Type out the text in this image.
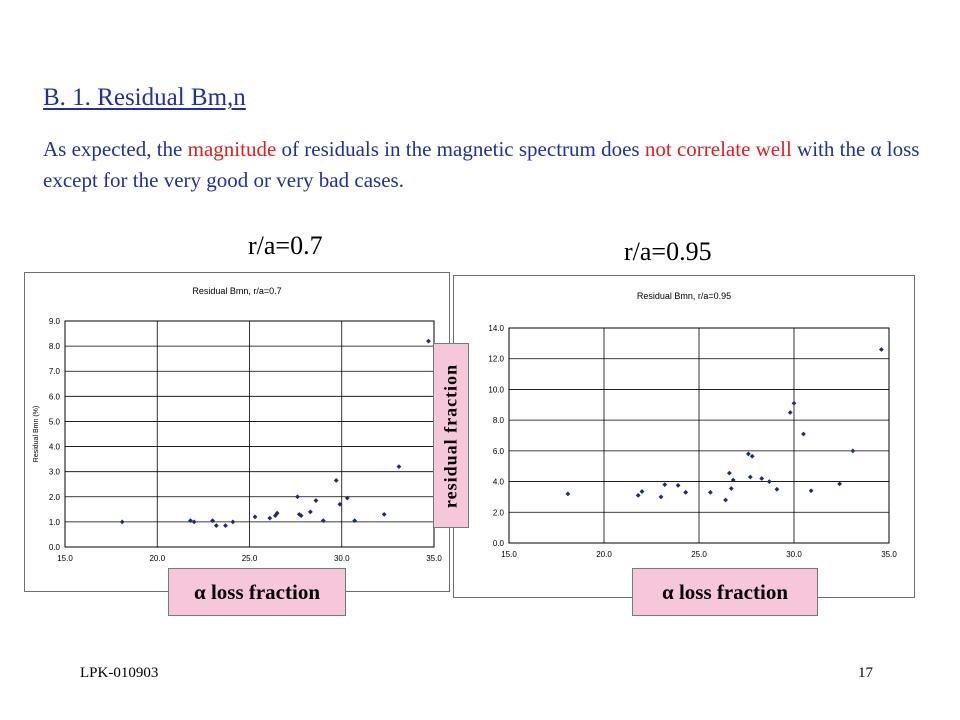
B. 1. Residual Bm,n
As expected, the magnitude of residuals in the magnetic spectrum does not correlate well with the α loss except for the very good or very bad cases.
r/a=0.7	r/a=0.95
Residual Bmn, r/a=0.7
0.0
1.0
2.0
3.0
4.0
5.0
6.0
7.0
8.0
9.0
15.0	20.0	25.0	30.0	35.0
Residual Bmn (%)
Residual Bmn, r/a=0.95
0.0
2.0
4.0
6.0
8.0
10.0
12.0
14.0
15.0	20.0	25.0	30.0	35.0
residual fraction
α loss fraction	α loss fraction
LPK-010903	17
